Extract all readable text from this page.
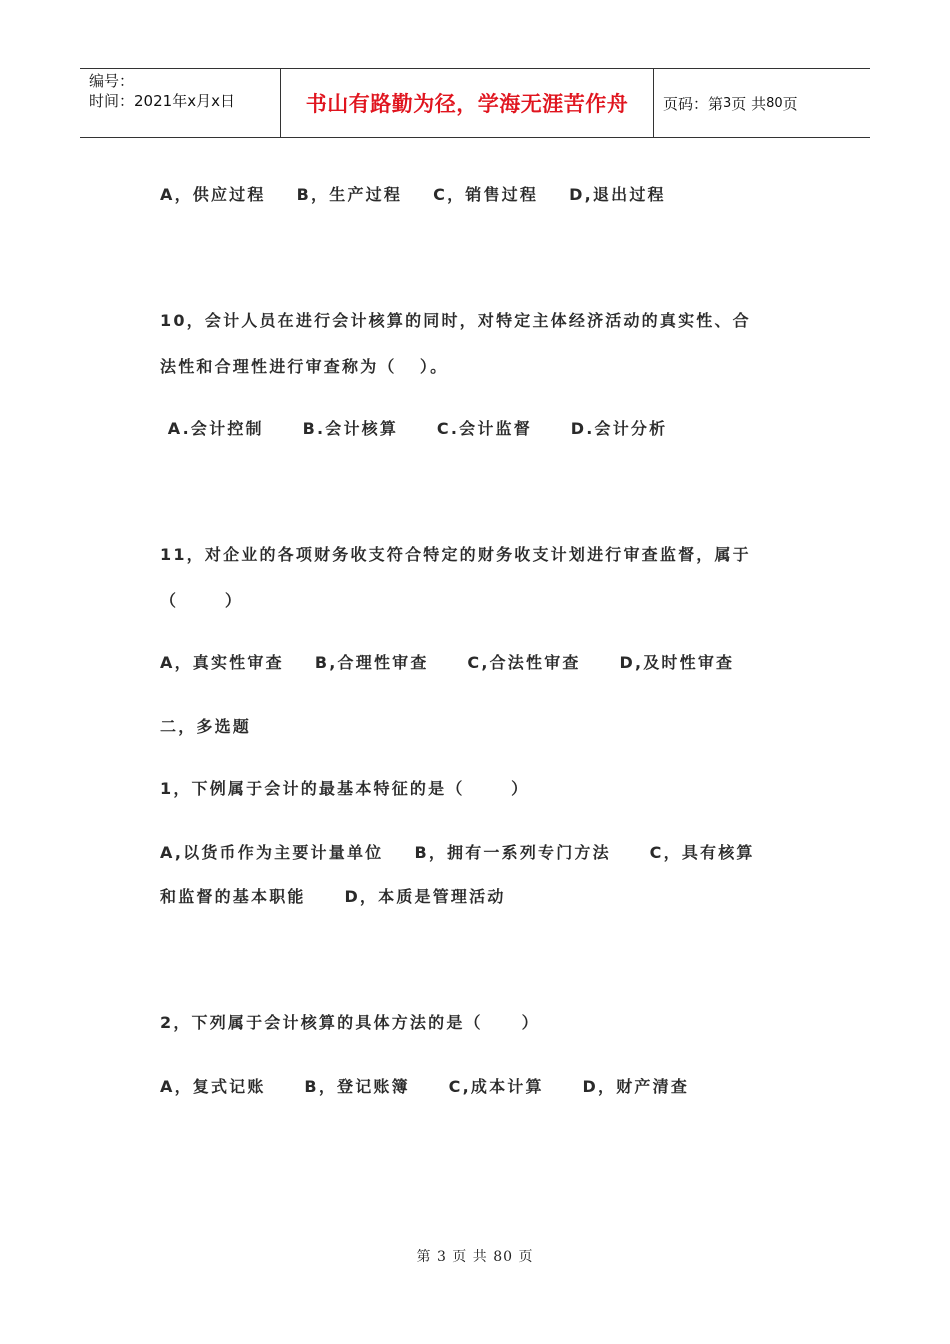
编号：
时间：2021年x月x日	书山有路勤为径，学海无涯苦作舟 页码：第 3 页 共 80 页
A，供应过程    B，生产过程    C，销售过程    D,退出过程
10，会计人员在进行会计核算的同时，对特定主体经济活动的真实性、合
法性和合理性进行审查称为（   ）。
A.会计控制     B.会计核算     C.会计监督     D.会计分析
11，对企业的各项财务收支符合特定的财务收支计划进行审查监督，属于
（      ）
A，真实性审查    B,合理性审查     C,合法性审查     D,及时性审查
二，多选题
1，下例属于会计的最基本特征的是（      ）
A,以货币作为主要计量单位    B，拥有一系列专门方法     C，具有核算
和监督的基本职能     D，本质是管理活动
2，下列属于会计核算的具体方法的是（     ）
A，复式记账     B，登记账簿     C,成本计算     D，财产清查
第 3 页 共 80 页
